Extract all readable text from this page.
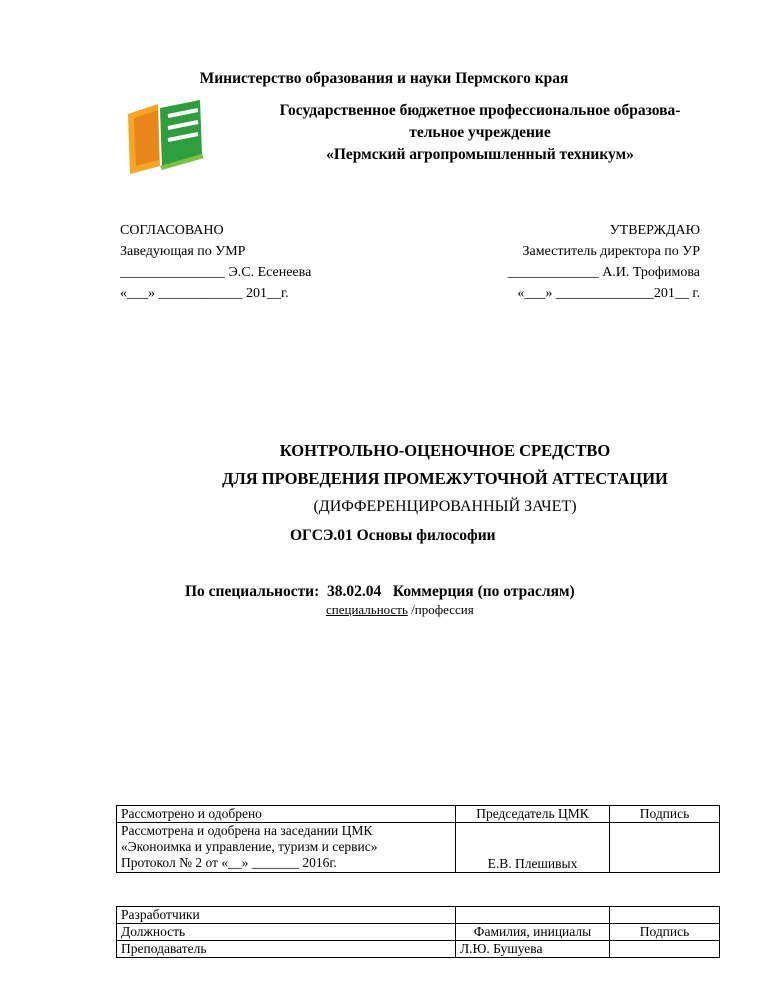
Министерство образования и науки Пермского края
Государственное бюджетное профессиональное образова-
тельное учреждение
«Пермский агропромышленный техникум»
СОГЛАСОВАНО
Заведующая по УМР
_______________ Э.С. Есенеева
«___» ____________ 201__г.
УТВЕРЖДАЮ
Заместитель директора по УР
_____________ А.И. Трофимова
«___» ______________201__ г.
КОНТРОЛЬНО-ОЦЕНОЧНОЕ СРЕДСТВО
ДЛЯ ПРОВЕДЕНИЯ ПРОМЕЖУТОЧНОЙ АТТЕСТАЦИИ
(ДИФФЕРЕНЦИРОВАННЫЙ ЗАЧЕТ)
ОГСЭ.01 Основы философии
По специальности:  38.02.04   Коммерция (по отраслям)
специальность /профессия
Рассмотрено и одобрено	Председатель ЦМК	Подпись

Рассмотрена и одобрена на заседании ЦМК
«Эконоимка и управление, туризм и сервис»
Протокол № 2 от «__» _______ 2016г.	Е.В. Плешивых	
Разработчики		
Должность	Фамилия, инициалы	Подпись
Преподаватель	Л.Ю. Бушуева	
